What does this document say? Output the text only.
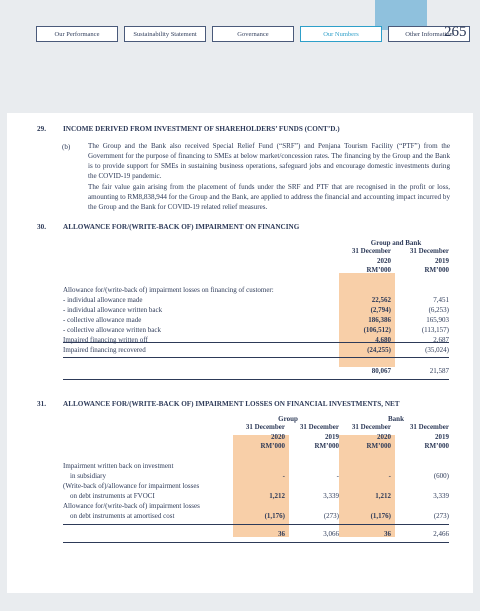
Our Performance	Sustainability Statement	Governance	Our Numbers	Other Information
265
29. INCOME DERIVED FROM INVESTMENT OF SHAREHOLDERS’ FUNDS (CONT’D.)
(b) The Group and the Bank also received Special Relief Fund (“SRF”) and Penjana Tourism Facility (“PTF”) from the Government for the purpose of financing to SMEs at below market/concession rates. The financing by the Group and the Bank is to provide support for SMEs in sustaining business operations, safeguard jobs and encourage domestic investments during the COVID-19 pandemic.
The fair value gain arising from the placement of funds under the SRF and PTF that are recognised in the profit or loss, amounting to RM8,838,944 for the Group and the Bank, are applied to address the financial and accounting impact incurred by the Group and the Bank for COVID-19 related relief measures.
30. ALLOWANCE FOR/(WRITE-BACK OF) IMPAIRMENT ON FINANCING
Group and Bank
31 December
2020
RM’000
31 December
2019
RM’000
Allowance for/(write-back of) impairment losses on financing of customer:
- individual allowance made	22,562	7,451
- individual allowance written back	(2,794)	(6,253)
- collective allowance made	186,386	165,903
- collective allowance written back	(106,512)	(113,157)
Impaired financing written off	4,680	2,687
Impaired financing recovered	(24,255)	(35,024)
80,067	21,587
31. ALLOWANCE FOR/(WRITE-BACK OF) IMPAIRMENT LOSSES ON FINANCIAL INVESTMENTS, NET
Group	Bank
31 December
2020
RM’000
31 December
2019
RM’000
31 December
2020
RM’000
31 December
2019
RM’000
Impairment written back on investment
in subsidiary	-	-	-	(600)
(Write-back of)/allowance for impairment losses
on debt instruments at FVOCI	1,212	3,339	1,212	3,339
Allowance for/(write-back of) impairment losses
on debt instruments at amortised cost	(1,176)	(273)	(1,176)	(273)
36	3,066	36	2,466
